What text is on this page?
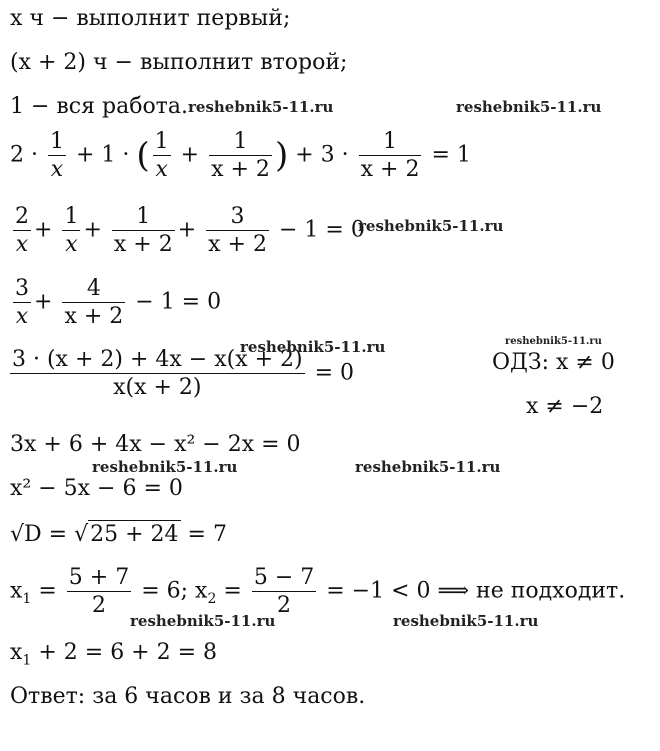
x ч − выполнит первый;
(x + 2) ч − выполнит второй;
1 − вся работа.
$2 \cdot \frac{1}{x} + 1$ · ( $\frac{1}{x} + \frac{1}{x + 2}$ ) + $3 \cdot \frac{1}{x + 2} = 1$
$\frac{2}{x} + \frac{1}{x} + \frac{1}{x + 2} + \frac{3}{x + 2} - 1 = 0$
$\frac{3}{x} + \frac{4}{x + 2} - 1 = 0$
$\frac{3 \cdot (x + 2) + 4x - x(x + 2)}{x(x + 2)} = 0$	ОДЗ: x ≠ 0
x ≠ −2
3x + 6 + 4x − x² − 2x = 0
x² − 5x − 6 = 0
√D = √25 + 24 = 7
$x_1 = \frac{5 + 7}{2} = 6$; $x_2 = \frac{5 - 7}{2} = -1 < 0$ ⟹ не подходит.
$x_1 + 2 = 6 + 2 = 8$
Ответ: за 6 часов и за 8 часов.
reshebnik5-11.ru	reshebnik5-11.ru
reshebnik5-11.ru
reshebnik5-11.ru	reshebnik5-11.ru
reshebnik5-11.ru	reshebnik5-11.ru
reshebnik5-11.ru	reshebnik5-11.ru
